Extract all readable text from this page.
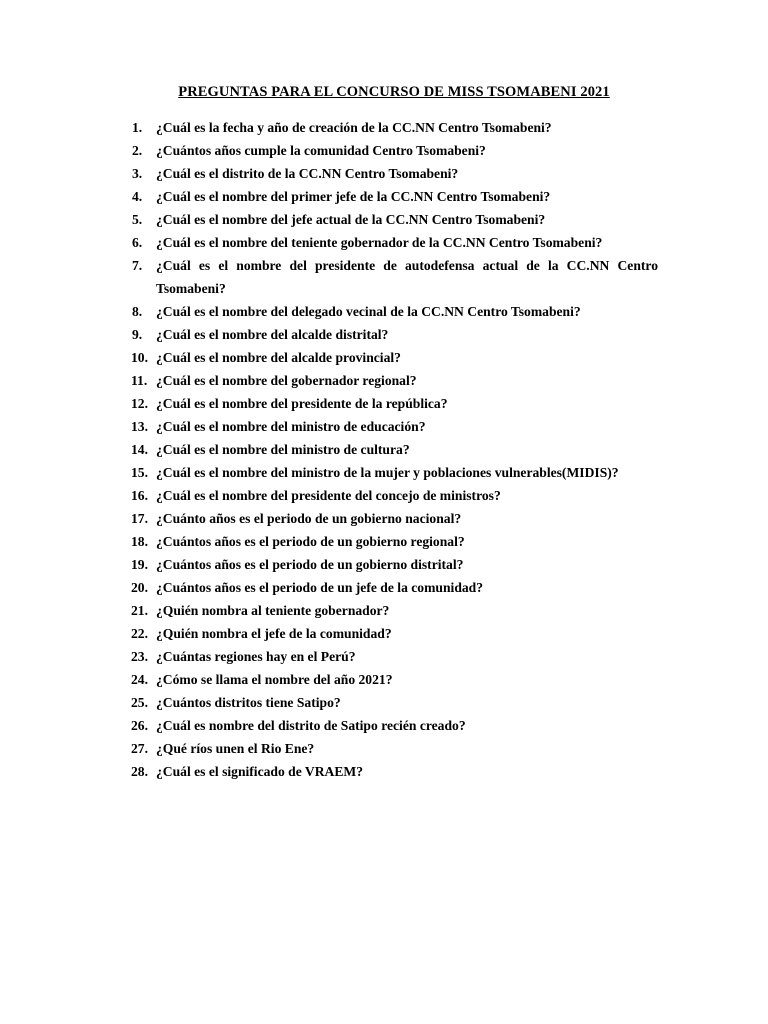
PREGUNTAS PARA EL CONCURSO DE MISS TSOMABENI 2021
1.	¿Cuál es la fecha y año de creación de la CC.NN Centro Tsomabeni?
2.	¿Cuántos años cumple la comunidad Centro Tsomabeni?
3.	¿Cuál es el distrito de la CC.NN Centro Tsomabeni?
4.	¿Cuál es el nombre del primer jefe de la CC.NN Centro Tsomabeni?
5.	¿Cuál es el nombre del jefe actual de la CC.NN Centro Tsomabeni?
6.	¿Cuál es el nombre del teniente gobernador de la CC.NN Centro Tsomabeni?
7.	¿Cuál es el nombre del presidente de autodefensa actual de la CC.NN Centro Tsomabeni?
8.	¿Cuál es el nombre del delegado vecinal de la CC.NN Centro Tsomabeni?
9.	¿Cuál es el nombre del alcalde distrital?
10. ¿Cuál es el nombre del alcalde provincial?
11. ¿Cuál es el nombre del gobernador regional?
12. ¿Cuál es el nombre del presidente de la república?
13. ¿Cuál es el nombre del ministro de educación?
14. ¿Cuál es el nombre del ministro de cultura?
15. ¿Cuál es el nombre del ministro de la mujer y poblaciones vulnerables(MIDIS)?
16. ¿Cuál es el nombre del presidente del concejo de ministros?
17. ¿Cuánto años es el periodo de un gobierno nacional?
18. ¿Cuántos años es el periodo de un gobierno regional?
19. ¿Cuántos años es el periodo de un gobierno distrital?
20. ¿Cuántos años es el periodo de un jefe de la comunidad?
21. ¿Quién nombra al teniente gobernador?
22. ¿Quién nombra el jefe de la comunidad?
23. ¿Cuántas regiones hay en el Perú?
24. ¿Cómo se llama el nombre del año 2021?
25. ¿Cuántos distritos tiene Satipo?
26. ¿Cuál es nombre del distrito de Satipo recién creado?
27. ¿Qué ríos unen el Rio Ene?
28. ¿Cuál es el significado de VRAEM?
